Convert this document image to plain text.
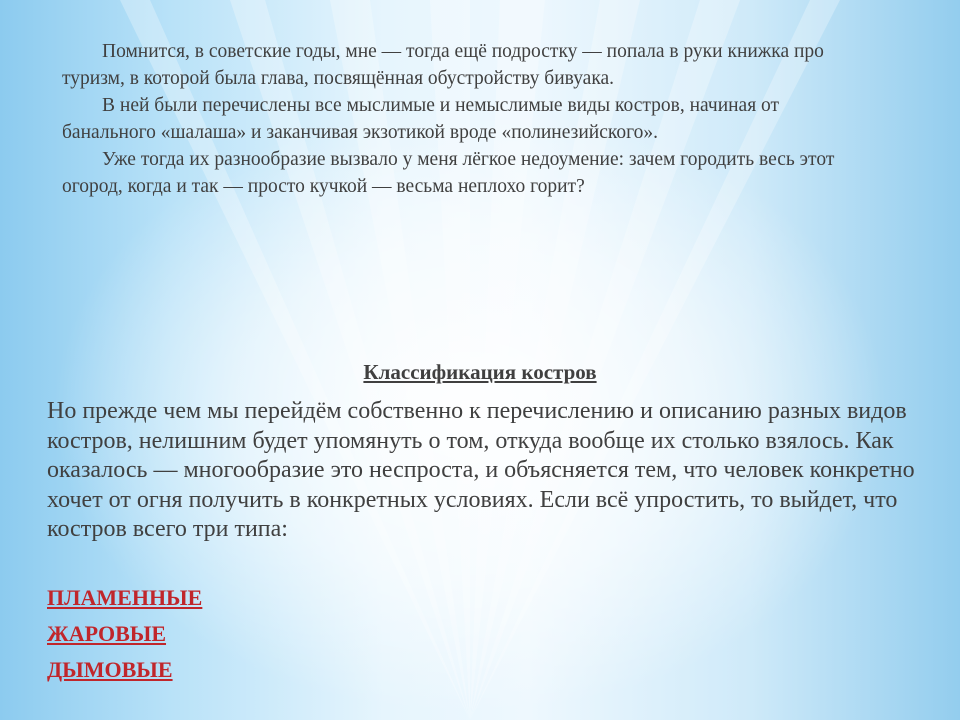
Помнится, в советские годы, мне — тогда ещё подростку — попала в руки книжка про туризм, в которой была глава, посвящённая обустройству бивуака.

В ней были перечислены все мыслимые и немыслимые виды костров, начиная от банального «шалаша» и заканчивая экзотикой вроде «полинезийского».

Уже тогда их разнообразие вызвало у меня лёгкое недоумение: зачем городить весь этот огород, когда и так — просто кучкой — весьма неплохо горит?

Классификация костров

Но прежде чем мы перейдём собственно к перечислению и описанию разных видов костров, нелишним будет упомянуть о том, откуда вообще их столько взялось. Как оказалось — многообразие это неспроста, и объясняется тем, что человек конкретно хочет от огня получить в конкретных условиях. Если всё упростить, то выйдет, что костров всего три типа:

ПЛАМЕННЫЕ
ЖАРОВЫЕ
ДЫМОВЫЕ
